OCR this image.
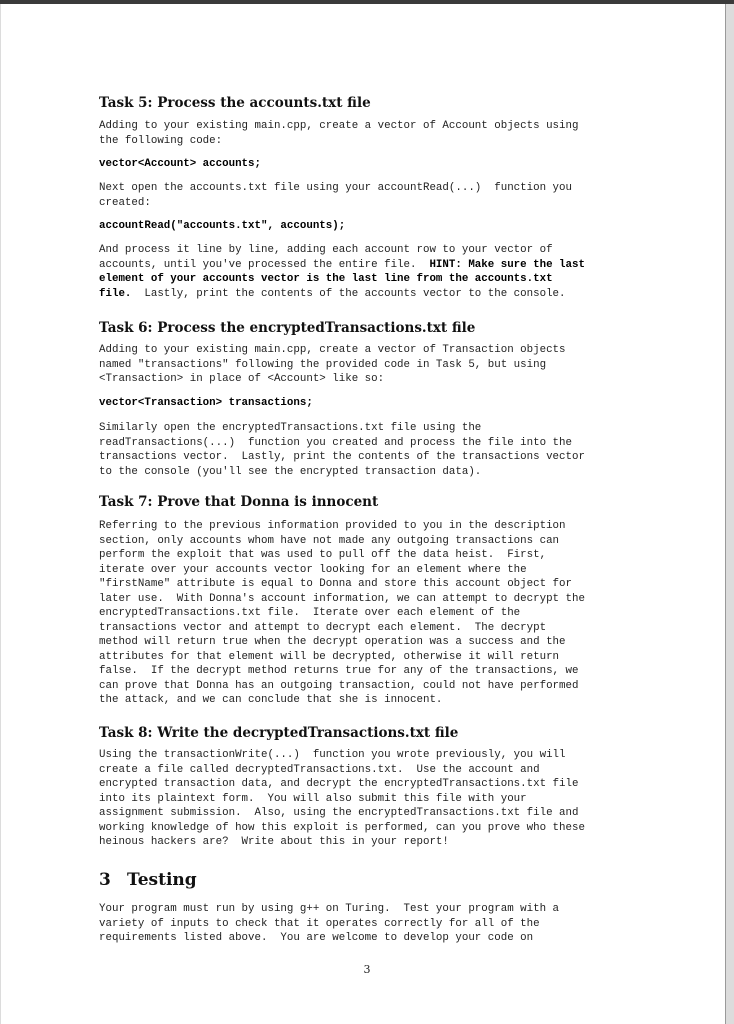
Task 5: Process the accounts.txt file
Adding to your existing main.cpp, create a vector of Account objects using
the following code:
vector<Account> accounts;
Next open the accounts.txt file using your accountRead(...)  function you
created:
accountRead("accounts.txt", accounts);
And process it line by line, adding each account row to your vector of
accounts, until you've processed the entire file.  HINT: Make sure the last
element of your accounts vector is the last line from the accounts.txt
file.  Lastly, print the contents of the accounts vector to the console.
Task 6: Process the encryptedTransactions.txt file
Adding to your existing main.cpp, create a vector of Transaction objects
named "transactions" following the provided code in Task 5, but using
<Transaction> in place of <Account> like so:
vector<Transaction> transactions;
Similarly open the encryptedTransactions.txt file using the
readTransactions(...)  function you created and process the file into the
transactions vector.  Lastly, print the contents of the transactions vector
to the console (you'll see the encrypted transaction data).
Task 7: Prove that Donna is innocent
Referring to the previous information provided to you in the description
section, only accounts whom have not made any outgoing transactions can
perform the exploit that was used to pull off the data heist.  First,
iterate over your accounts vector looking for an element where the
"firstName" attribute is equal to Donna and store this account object for
later use.  With Donna's account information, we can attempt to decrypt the
encryptedTransactions.txt file.  Iterate over each element of the
transactions vector and attempt to decrypt each element.  The decrypt
method will return true when the decrypt operation was a success and the
attributes for that element will be decrypted, otherwise it will return
false.  If the decrypt method returns true for any of the transactions, we
can prove that Donna has an outgoing transaction, could not have performed
the attack, and we can conclude that she is innocent.
Task 8: Write the decryptedTransactions.txt file
Using the transactionWrite(...)  function you wrote previously, you will
create a file called decryptedTransactions.txt.  Use the account and
encrypted transaction data, and decrypt the encryptedTransactions.txt file
into its plaintext form.  You will also submit this file with your
assignment submission.  Also, using the encryptedTransactions.txt file and
working knowledge of how this exploit is performed, can you prove who these
heinous hackers are?  Write about this in your report!
3 Testing
Your program must run by using g++ on Turing.  Test your program with a
variety of inputs to check that it operates correctly for all of the
requirements listed above.  You are welcome to develop your code on
3
